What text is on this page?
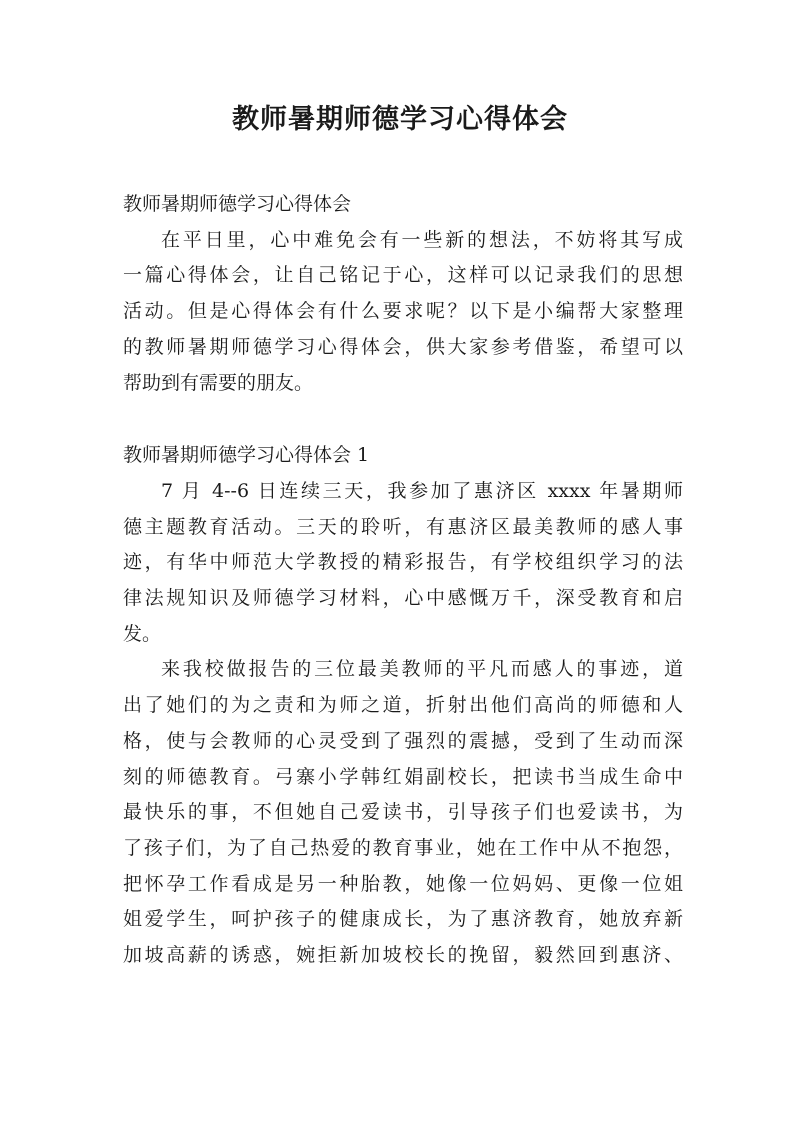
教师暑期师德学习心得体会

教师暑期师德学习心得体会

在平日里，心中难免会有一些新的想法，不妨将其写成
一篇心得体会，让自己铭记于心，这样可以记录我们的思想
活动。但是心得体会有什么要求呢？以下是小编帮大家整理
的教师暑期师德学习心得体会，供大家参考借鉴，希望可以
帮助到有需要的朋友。

教师暑期师德学习心得体会 1

7 月 4--6 日连续三天，我参加了惠济区 xxxx 年暑期师
德主题教育活动。三天的聆听，有惠济区最美教师的感人事
迹，有华中师范大学教授的精彩报告，有学校组织学习的法
律法规知识及师德学习材料，心中感慨万千，深受教育和启
发。

来我校做报告的三位最美教师的平凡而感人的事迹，道
出了她们的为之责和为师之道，折射出他们高尚的师德和人
格，使与会教师的心灵受到了强烈的震撼，受到了生动而深
刻的师德教育。弓寨小学韩红娟副校长，把读书当成生命中
最快乐的事，不但她自己爱读书，引导孩子们也爱读书，为
了孩子们，为了自己热爱的教育事业，她在工作中从不抱怨，
把怀孕工作看成是另一种胎教，她像一位妈妈、更像一位姐
姐爱学生，呵护孩子的健康成长，为了惠济教育，她放弃新
加坡高薪的诱惑，婉拒新加坡校长的挽留，毅然回到惠济、
